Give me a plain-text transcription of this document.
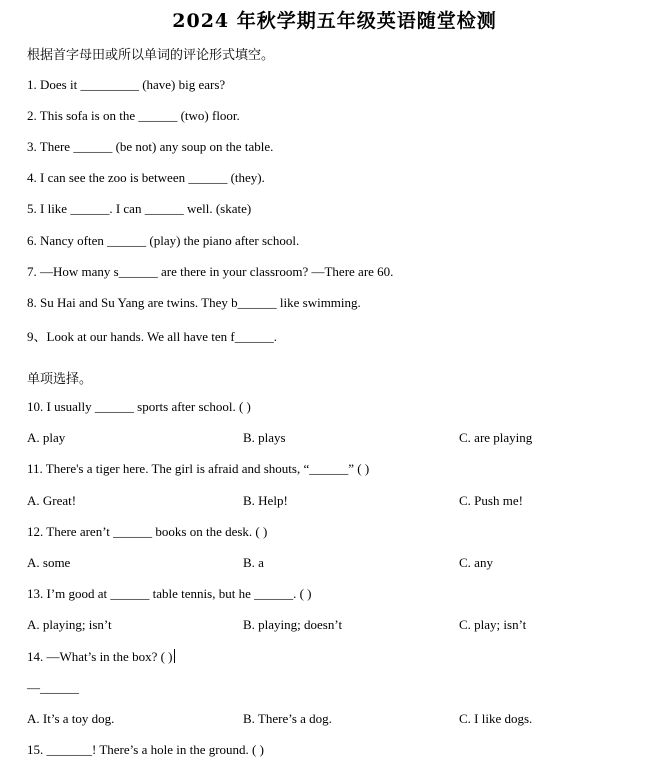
2024 年秋学期五年级英语随堂检测
根据首字母田或所以单词的评论形式填空。
1. Does it _________ (have) big ears?
2. This sofa is on the ______ (two) floor.
3. There ______ (be not) any soup on the table.
4. I can see the zoo is between ______ (they).
5. I like ______. I can ______ well. (skate)
6. Nancy often ______ (play) the piano after school.
7. —How many s______ are there in your classroom? —There are 60.
8. Su Hai and Su Yang are twins. They b______ like swimming.
9、Look at our hands. We all have ten f______.
单项选择。
10. I usually ______ sports after school. ( )
A. play	B. plays	C. are playing
11. There's a tiger here. The girl is afraid and shouts, “______” ( )
A. Great!	B. Help!	C. Push me!
12. There aren’t ______ books on the desk. ( )
A. some	B. a	C. any
13. I’m good at ______ table tennis, but he ______. ( )
A. playing; isn’t	B. playing; doesn’t	C. play; isn’t
14. —What’s in the box? ( )
—______
A. It’s a toy dog.	B. There’s a dog.	C. I like dogs.
15. _______! There’s a hole in the ground. ( )
